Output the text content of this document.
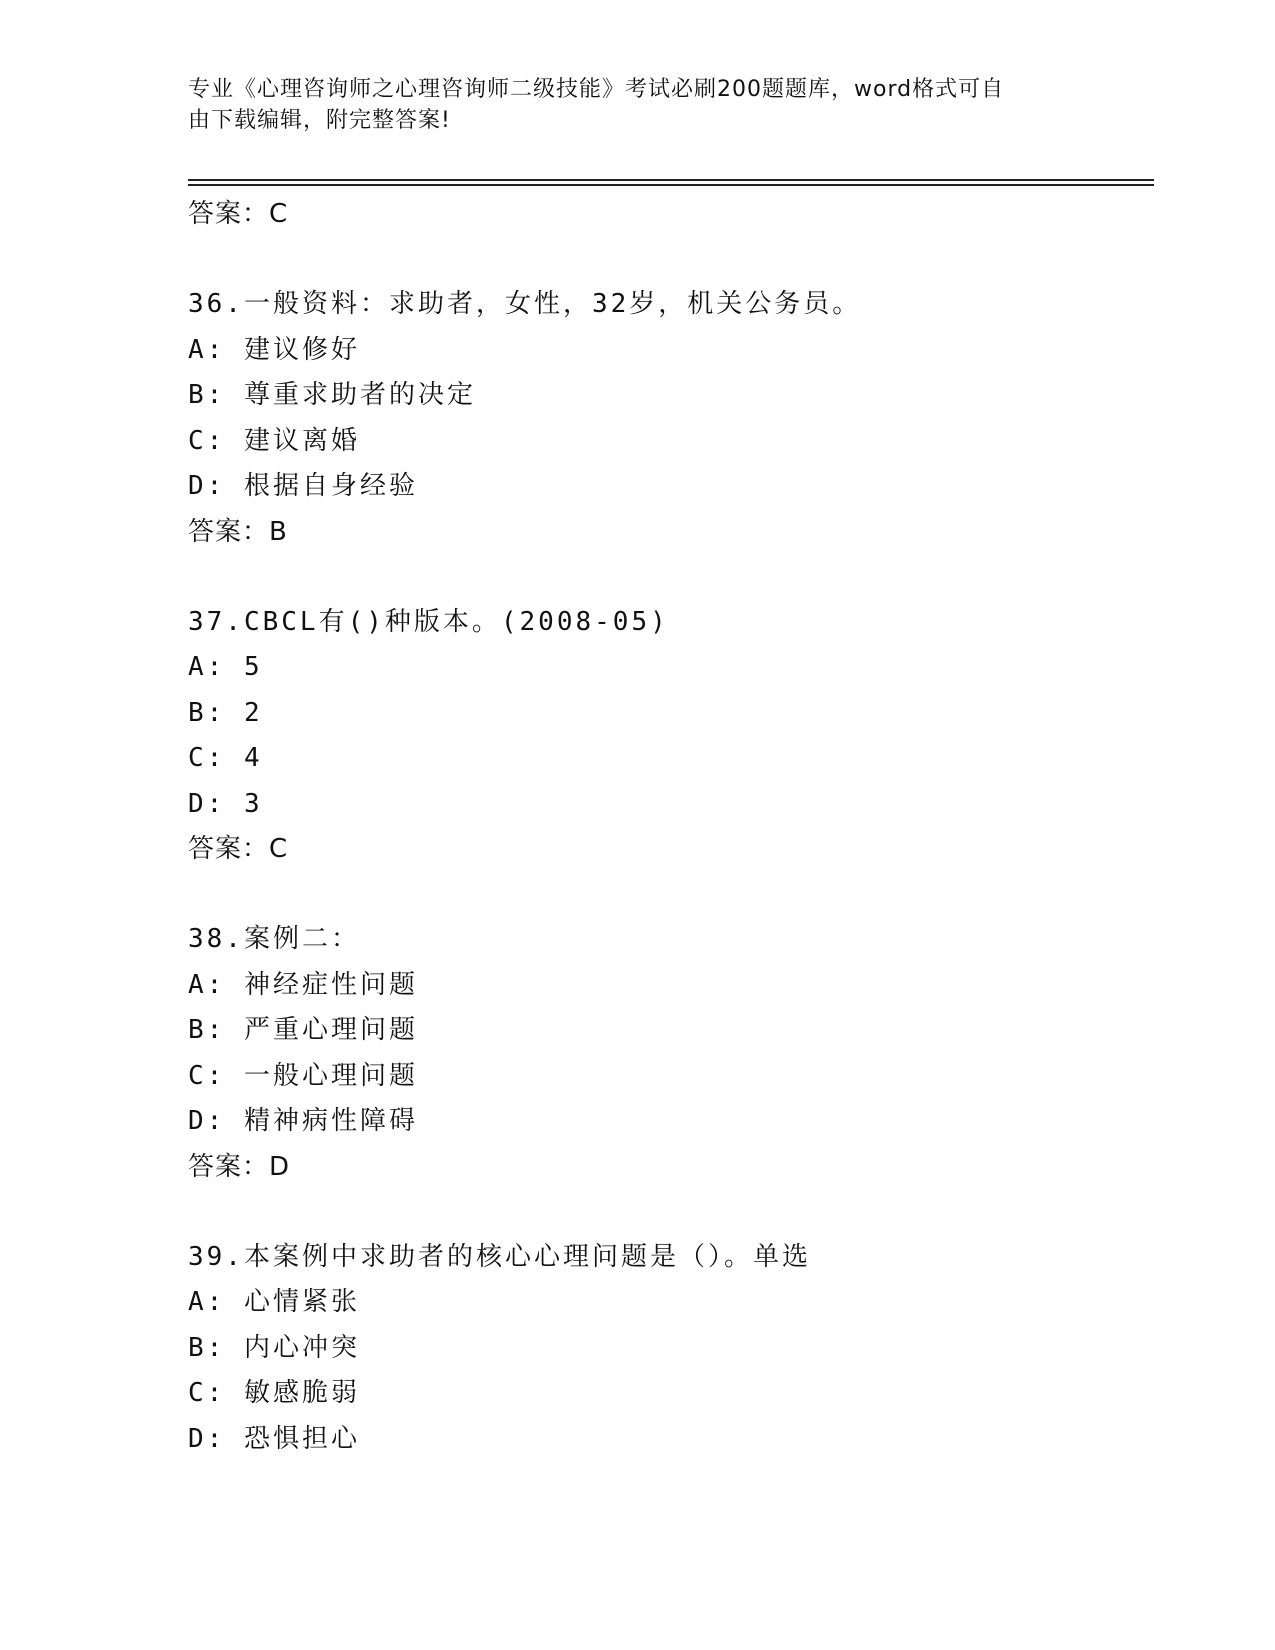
专业《心理咨询师之心理咨询师二级技能》考试必刷200题题库，word格式可自
由下载编辑，附完整答案!
答案：C
36.一般资料：求助者，女性，32岁，机关公务员。
A: 建议修好
B: 尊重求助者的决定
C: 建议离婚
D: 根据自身经验
答案：B
37.CBCL有()种版本。(2008-05)
A: 5
B: 2
C: 4
D: 3
答案：C
38.案例二：
A: 神经症性问题
B: 严重心理问题
C: 一般心理问题
D: 精神病性障碍
答案：D
39.本案例中求助者的核心心理问题是（）。单选
A: 心情紧张
B: 内心冲突
C: 敏感脆弱
D: 恐惧担心
